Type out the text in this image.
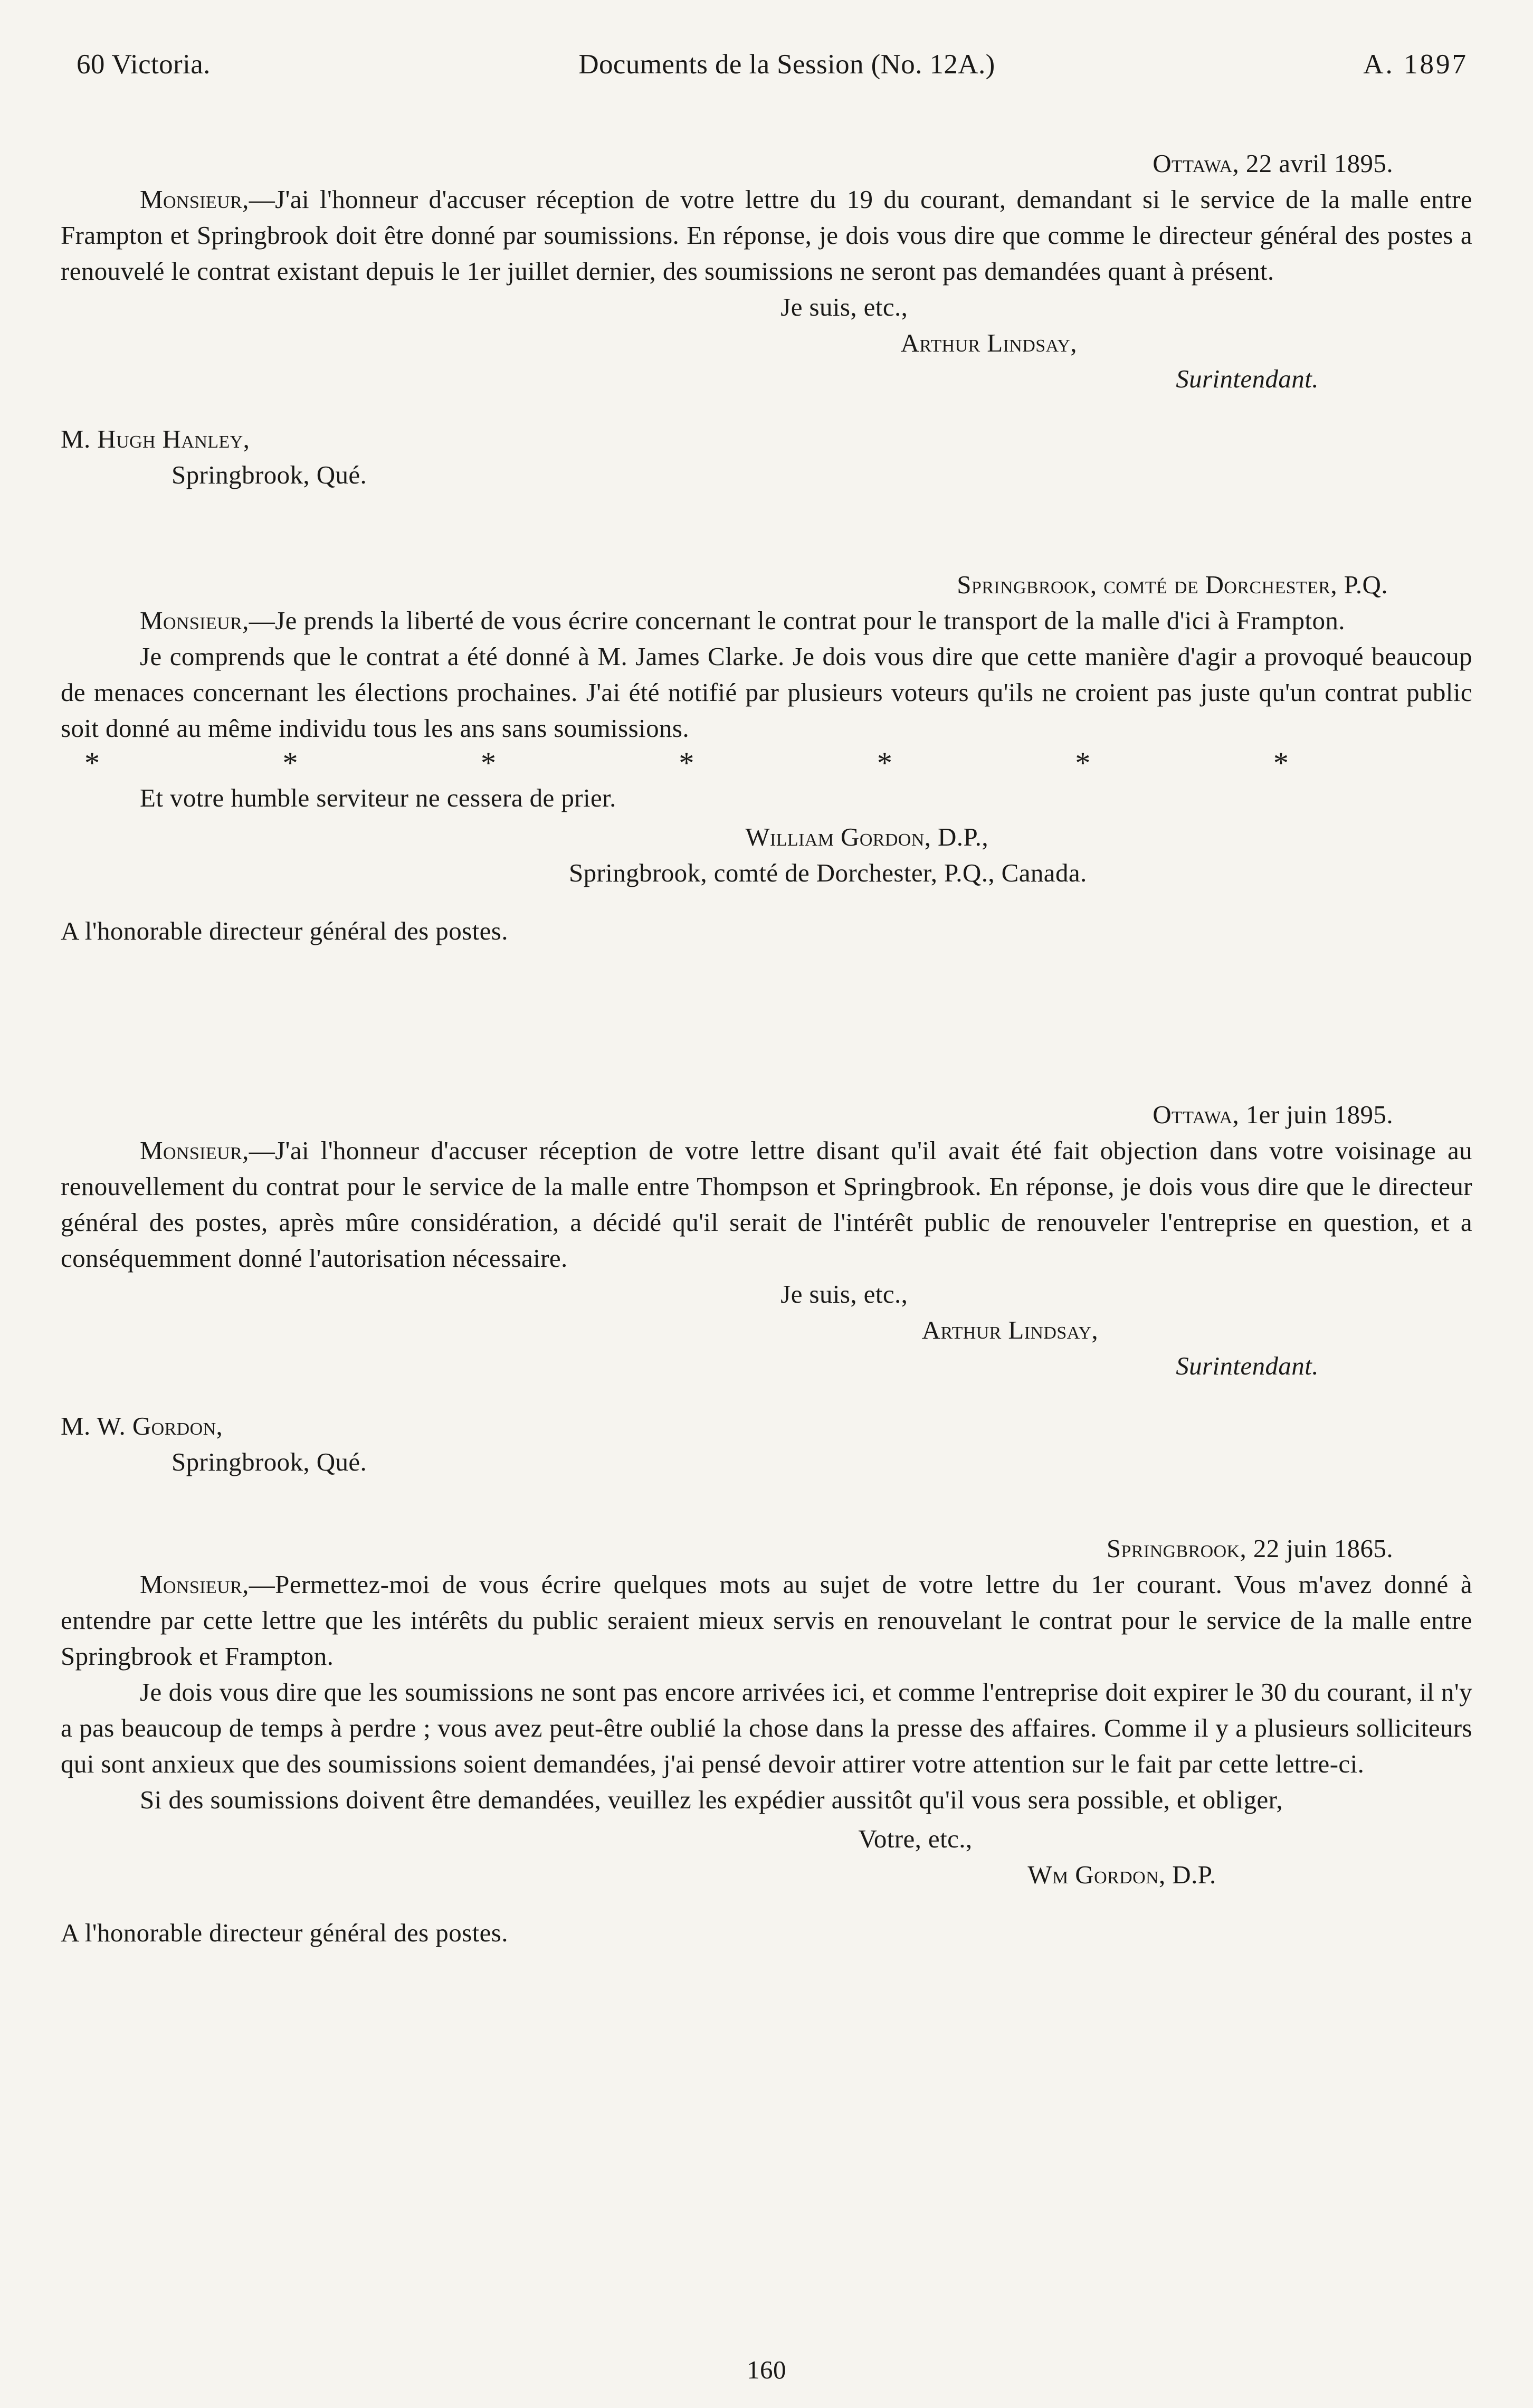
60 Victoria.	Documents de la Session (No. 12A.)	A. 1897
Ottawa, 22 avril 1895.

Monsieur,—J'ai l'honneur d'accuser réception de votre lettre du 19 du courant, demandant si le service de la malle entre Frampton et Springbrook doit être donné par soumissions. En réponse, je dois vous dire que comme le directeur général des postes a renouvelé le contrat existant depuis le 1er juillet dernier, des soumissions ne seront pas demandées quant à présent.

Je suis, etc.,
Arthur Lindsay,
Surintendant.
M. Hugh Hanley,
Springbrook, Qué.
Springbrook, comté de Dorchester, P.Q.

Monsieur,—Je prends la liberté de vous écrire concernant le contrat pour le transport de la malle d'ici à Frampton.

Je comprends que le contrat a été donné à M. James Clarke. Je dois vous dire que cette manière d'agir a provoqué beaucoup de menaces concernant les élections prochaines. J'ai été notifié par plusieurs voteurs qu'ils ne croient pas juste qu'un contrat public soit donné au même individu tous les ans sans soumissions.

*	*	*	*	*	*	*

Et votre humble serviteur ne cessera de prier.

William Gordon, D.P.,
Springbrook, comté de Dorchester, P.Q., Canada.
A l'honorable directeur général des postes.
Ottawa, 1er juin 1895.

Monsieur,—J'ai l'honneur d'accuser réception de votre lettre disant qu'il avait été fait objection dans votre voisinage au renouvellement du contrat pour le service de la malle entre Thompson et Springbrook. En réponse, je dois vous dire que le directeur général des postes, après mûre considération, a décidé qu'il serait de l'intérêt public de renouveler l'entreprise en question, et a conséquemment donné l'autorisation nécessaire.

Je suis, etc.,
Arthur Lindsay,
Surintendant.
M. W. Gordon,
Springbrook, Qué.
Springbrook, 22 juin 1865.

Monsieur,—Permettez-moi de vous écrire quelques mots au sujet de votre lettre du 1er courant. Vous m'avez donné à entendre par cette lettre que les intérêts du public seraient mieux servis en renouvelant le contrat pour le service de la malle entre Springbrook et Frampton.

Je dois vous dire que les soumissions ne sont pas encore arrivées ici, et comme l'entreprise doit expirer le 30 du courant, il n'y a pas beaucoup de temps à perdre ; vous avez peut-être oublié la chose dans la presse des affaires. Comme il y a plusieurs solliciteurs qui sont anxieux que des soumissions soient demandées, j'ai pensé devoir attirer votre attention sur le fait par cette lettre-ci.

Si des soumissions doivent être demandées, veuillez les expédier aussitôt qu'il vous sera possible, et obliger,

Votre, etc.,
Wm Gordon, D.P.
A l'honorable directeur général des postes.
160
